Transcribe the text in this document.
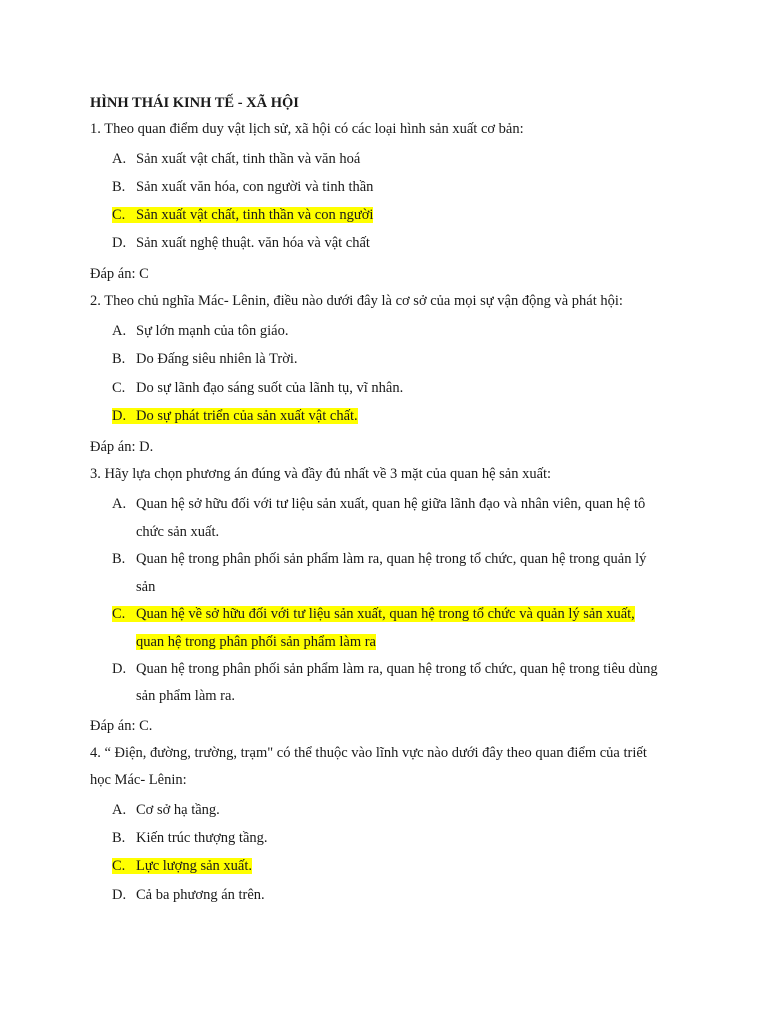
HÌNH THÁI KINH TẾ - XÃ HỘI
1. Theo quan điểm duy vật lịch sử, xã hội có các loại hình sản xuất cơ bản:
A. Sản xuất vật chất, tinh thần và văn hoá
B. Sản xuất văn hóa, con người và tinh thần
C. Sản xuất vật chất, tinh thần và con người
D. Sản xuất nghệ thuật. văn hóa và vật chất
Đáp án: C
2. Theo chủ nghĩa Mác- Lênin, điều nào dưới đây là cơ sở của mọi sự vận động và phát hội:
A. Sự lớn mạnh của tôn giáo.
B. Do Đấng siêu nhiên là Trời.
C. Do sự lãnh đạo sáng suốt của lãnh tụ, vĩ nhân.
D. Do sự phát triển của sản xuất vật chất.
Đáp án: D.
3. Hãy lựa chọn phương án đúng và đầy đủ nhất về 3 mặt của quan hệ sản xuất:
A. Quan hệ sở hữu đối với tư liệu sản xuất, quan hệ giữa lãnh đạo và nhân viên, quan hệ tô
chức sản xuất.
B. Quan hệ trong phân phối sản phẩm làm ra, quan hệ trong tổ chức, quan hệ trong quản lý
sản
C. Quan hệ về sở hữu đối với tư liệu sản xuất, quan hệ trong tổ chức và quản lý sản xuất,
quan hệ trong phân phối sản phẩm làm ra
D. Quan hệ trong phân phối sản phẩm làm ra, quan hệ trong tổ chức, quan hệ trong tiêu dùng
sản phẩm làm ra.
Đáp án: C.
4. “ Điện, đường, trường, trạm" có thể thuộc vào lĩnh vực nào dưới đây theo quan điểm của triết
học Mác- Lênin:
A. Cơ sở hạ tầng.
B. Kiến trúc thượng tầng.
C. Lực lượng sản xuất.
D. Cả ba phương án trên.
